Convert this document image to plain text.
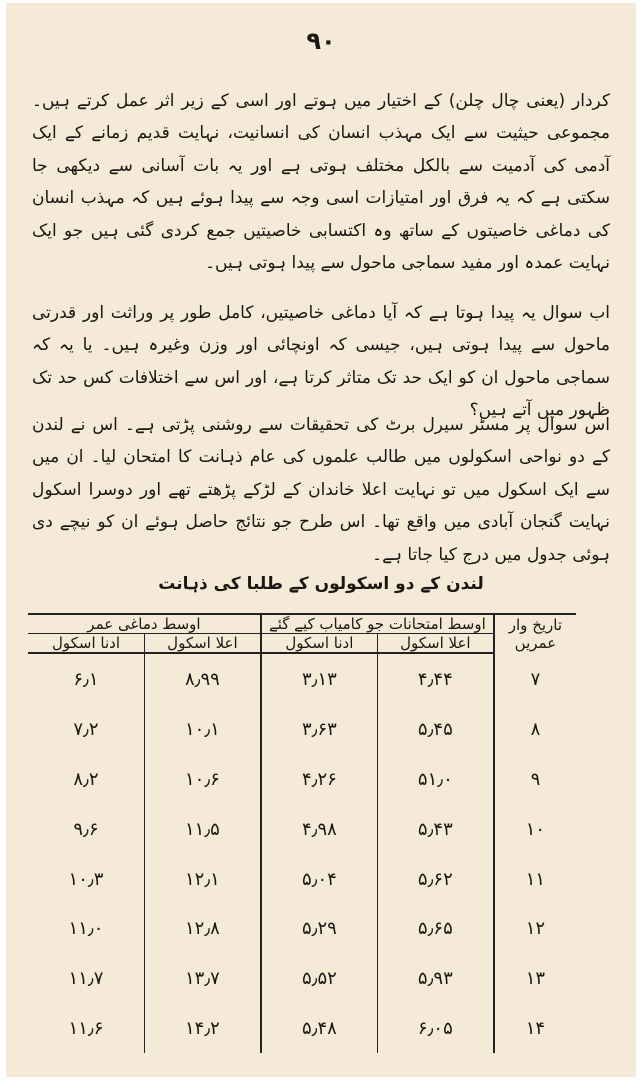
۹۰
کردار (یعنی چال چلن) کے اختیار میں ہوتے اور اسی کے زیر اثر عمل کرتے ہیں۔ مجموعی حیثیت سے ایک مہذب انسان کی انسانیت، نہایت قدیم زمانے کے ایک آدمی کی آدمیت سے بالکل مختلف ہوتی ہے اور یہ بات آسانی سے دیکھی جا سکتی ہے کہ یہ فرق اور امتیازات اسی وجہ سے پیدا ہوئے ہیں کہ مہذب انسان کی دماغی خاصیتوں کے ساتھ وہ اکتسابی خاصیتیں جمع کردی گئی ہیں جو ایک نہایت عمدہ اور مفید سماجی ماحول سے پیدا ہوتی ہیں۔
اب سوال یہ پیدا ہوتا ہے کہ آیا دماغی خاصیتیں، کامل طور پر وراثت اور قدرتی ماحول سے پیدا ہوتی ہیں، جیسی کہ اونچائی اور وزن وغیرہ ہیں۔ یا یہ کہ سماجی ماحول ان کو ایک حد تک متاثر کرتا ہے، اور اس سے اختلافات کس حد تک ظہور میں آتے ہیں؟
اس سوال پر مسٹر سیرل برٹ کی تحقیقات سے روشنی پڑتی ہے۔ اس نے لندن کے دو نواحی اسکولوں میں طالب علموں کی عام ذہانت کا امتحان لیا۔ ان میں سے ایک اسکول میں تو نہایت اعلا خاندان کے لڑکے پڑھتے تھے اور دوسرا اسکول نہایت گنجان آبادی میں واقع تھا۔ اس طرح جو نتائج حاصل ہوئے ان کو نیچے دی ہوئی جدول میں درج کیا جاتا ہے۔
لندن کے دو اسکولوں کے طلبا کی ذہانت
تاریخ وار عمریں	اوسط امتحانات جو کامیاب کیے گئے		اوسط دماغی عمر	
	اعلا اسکول	ادنا اسکول	اعلا اسکول	ادنا اسکول
۷	۴٫۴۴	۳٫۱۳	۸٫۹۹	۶٫۱
۸	۵٫۴۵	۳٫۶۳	۱۰٫۱	۷٫۲
۹	۵۱٫۰	۴٫۲۶	۱۰٫۶	۸٫۲
۱۰	۵٫۴۳	۴٫۹۸	۱۱٫۵	۹٫۶
۱۱	۵٫۶۲	۵٫۰۴	۱۲٫۱	۱۰٫۳
۱۲	۵٫۶۵	۵٫۲۹	۱۲٫۸	۱۱٫۰
۱۳	۵٫۹۳	۵٫۵۲	۱۳٫۷	۱۱٫۷
۱۴	۶٫۰۵	۵٫۴۸	۱۴٫۲	۱۱٫۶
